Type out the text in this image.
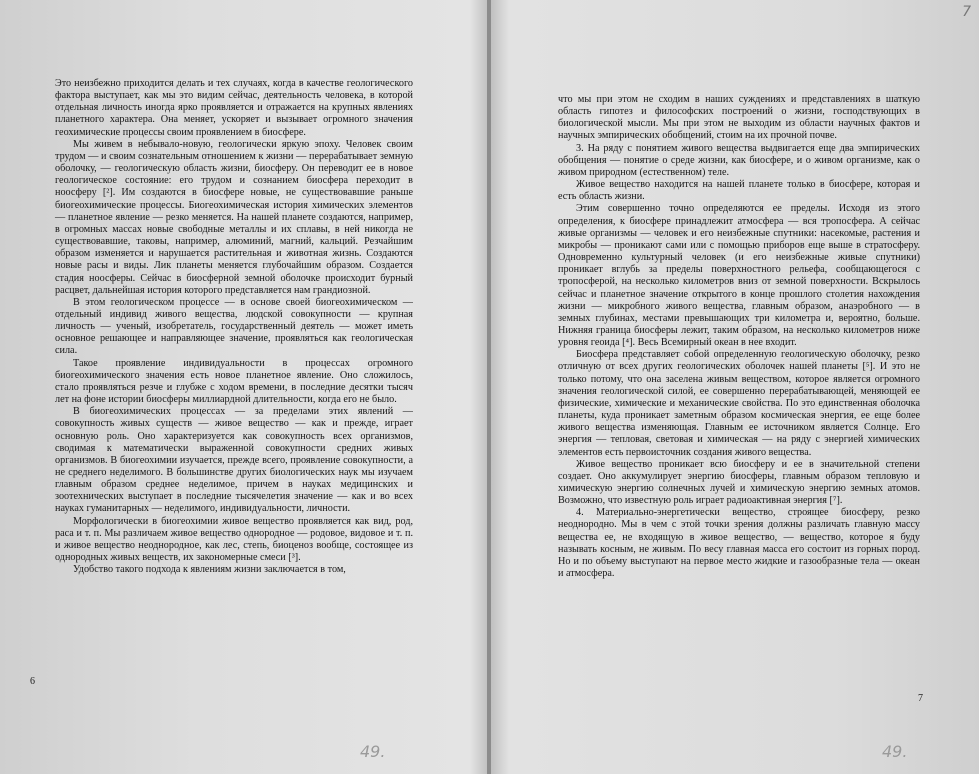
Это неизбежно приходится делать и тех случаях, когда в качестве геологического фактора выступает, как мы это видим сейчас, деятельность человека, в которой отдельная личность иногда ярко проявляется и отражается на крупных явлениях планетного характера. Она меняет, ускоряет и вызывает огромного значения геохимические процессы своим проявлением в биосфере.

Мы живем в небывало-новую, геологически яркую эпоху. Человек своим трудом — и своим сознательным отношением к жизни — перерабатывает земную оболочку, — геологическую область жизни, биосферу. Он переводит ее в новое геологическое состояние: его трудом и сознанием биосфера переходит в ноосферу [²]. Им создаются в биосфере новые, не существовавшие раньше биогеохимические процессы. Биогеохимическая история химических элементов — планетное явление — резко меняется. На нашей планете создаются, например, в огромных массах новые свободные металлы и их сплавы, в ней никогда не существовавшие, таковы, например, алюминий, магний, кальций. Резчайшим образом изменяется и нарушается растительная и животная жизнь. Создаются новые расы и виды. Лик планеты меняется глубочайшим образом. Создается стадия ноосферы. Сейчас в биосферной земной оболочке происходит бурный расцвет, дальнейшая история которого представляется нам грандиозной.

В этом геологическом процессе — в основе своей биогеохимическом — отдельный индивид живого вещества, людской совокупности — крупная личность — ученый, изобретатель, государственный деятель — может иметь основное решающее и направляющее значение, проявляться как геологическая сила.

Такое проявление индивидуальности в процессах огромного биогеохимического значения есть новое планетное явление. Оно сложилось, стало проявляться резче и глубже с ходом времени, в последние десятки тысяч лет на фоне истории биосферы миллиардной длительности, когда его не было.

В биогеохимических процессах — за пределами этих явлений — совокупность живых существ — живое вещество — как и прежде, играет основную роль. Оно характеризуется как совокупность всех организмов, сводимая к математически выраженной совокупности средних живых организмов. В биогеохимии изучается, прежде всего, проявление совокупности, а не среднего неделимого. В большинстве других биологических наук мы изучаем главным образом среднее неделимое, причем в науках медицинских и зоотехнических выступает в последние тысячелетия значение — как и во всех науках гуманитарных — неделимого, индивидуальности, личности.

Морфологически в биогеохимии живое вещество проявляется как вид, род, раса и т. п. Мы различаем живое вещество однородное — родовое, видовое и т. п. и живое вещество неоднородное, как лес, степь, биоценоз вообще, состоящее из однородных живых веществ, их закономерные смеси [³].

Удобство такого подхода к явлениям жизни заключается в том,

6
49.
7

что мы при этом не сходим в наших суждениях и представлениях в шаткую область гипотез и философских построений о жизни, господствующих в биологической мысли. Мы при этом не выходим из области научных фактов и научных эмпирических обобщений, стоим на их прочной почве.

3. На ряду с понятием живого вещества выдвигается еще два эмпирических обобщения — понятие о среде жизни, как биосфере, и о живом организме, как о живом природном (естественном) теле.

Живое вещество находится на нашей планете только в биосфере, которая и есть область жизни.

Этим совершенно точно определяются ее пределы. Исходя из этого определения, к биосфере принадлежит атмосфера — вся тропосфера. А сейчас живые организмы — человек и его неизбежные спутники: насекомые, растения и микробы — проникают сами или с помощью приборов еще выше в стратосферу. Одновременно культурный человек (и его неизбежные живые спутники) проникает вглубь за пределы поверхностного рельефа, сообщающегося с тропосферой, на несколько километров вниз от земной поверхности. Вскрылось сейчас и планетное значение открытого в конце прошлого столетия нахождения жизни — микробного живого вещества, главным образом, анаэробного — в земных глубинах, местами превышающих три километра и, вероятно, больше. Нижняя граница биосферы лежит, таким образом, на несколько километров ниже уровня геоида [⁴]. Весь Всемирный океан в нее входит.

Биосфера представляет собой определенную геологическую оболочку, резко отличную от всех других геологических оболочек нашей планеты [⁵]. И это не только потому, что она заселена живым веществом, которое является огромного значения геологической силой, ее совершенно перерабатывающей, меняющей ее физические, химические и механические свойства. По это единственная оболочка планеты, куда проникает заметным образом космическая энергия, ее еще более живого вещества изменяющая. Главным ее источником является Солнце. Его энергия — тепловая, световая и химическая — на ряду с энергией химических элементов есть первоисточник создания живого вещества.

Живое вещество проникает всю биосферу и ее в значительной степени создает. Оно аккумулирует энергию биосферы, главным образом тепловую и химическую энергию солнечных лучей и химическую энергию земных атомов. Возможно, что известную роль играет радиоактивная энергия [⁷].

4. Материально-энергетически вещество, строящее биосферу, резко неоднородно. Мы в чем с этой точки зрения должны различать главную массу вещества ее, не входящую в живое вещество, — вещество, которое я буду называть косным, не живым. По весу главная масса его состоит из горных пород. Но и по объему выступают на первое место жидкие и газообразные тела — океан и атмосфера.

7
49.
